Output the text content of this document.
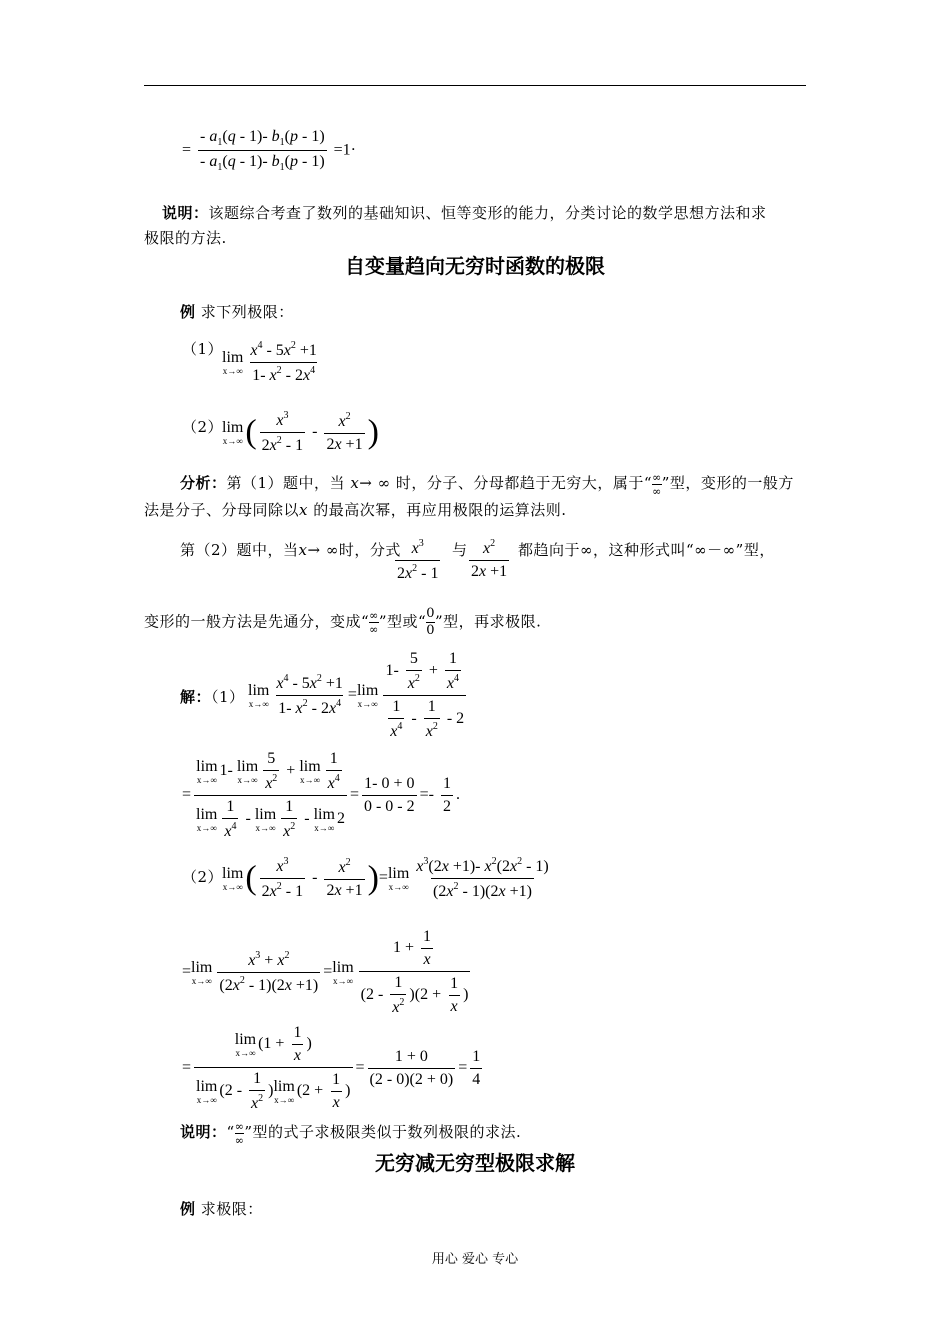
= $\frac{- a_1(q - 1)- b_1(p - 1)}{- a_1(q - 1)- b_1(p - 1)} =1\cdot$
说明：该题综合考查了数列的基础知识、恒等变形的能力，分类讨论的数学思想方法和求
极限的方法.
自变量趋向无穷时函数的极限
例 求下列极限：
（1）
lim
$x\to\infty \frac{x^4 - 5x^2 +1}{1- x^2 - 2x^4}$
（2）
lim
x→∞ ( $\frac{x^3}{2x^2 - 1} - \frac{x^2}{2x +1}$ )
分析：第（1）题中，当 x→ ∞ 时，分子、分母都趋于无穷大，属于“ $\frac{\infty}{\infty}$ ”型，变形的一般方
法是分子、分母同除以x 的最高次幂，再应用极限的运算法则.
第（2）题中，当x→ ∞时，分式
$\frac{x^3}{2x^2 - 1}$ 与 $\frac{x^2}{2x +1}$ 都趋向于∞，这种形式叫“∞－∞”型，
变形的一般方法是先通分，变成“ $\frac{\infty}{\infty}$ ”型或“ $\frac{0}{0}$ ”型，再求极限.
解：（1） lim
$x\to\infty \frac{x^4 - 5x^2 +1}{1- x^2 - 2x^4} = \lim$
$x\to\infty \frac{1- \frac{5}{x^2} + \frac{1}{x^4}}{\frac{1}{x^4} - \frac{1}{x^2} - 2}$
= lim
x→∞
1- lim
$x\to\infty \frac{5}{x^2} + \lim$
$x\to\infty \frac{1}{x^4}$
lim
$x\to\infty \frac{1}{x^4} - \lim$
$x\to\infty \frac{1}{x^2} - \lim$
x→∞
$2 = \frac{1- 0 + 0}{0 - 0 - 2} =- \frac{1}{2}$ .
（2）
lim
x→∞ ( $\frac{x^3}{2x^2 - 1} - \frac{x^2}{2x +1}$ )= lim
$x\to\infty \frac{x^3(2x +1)- x^2(2x^2 - 1)}{(2x^2 - 1)(2x +1)}$
= lim
$x\to\infty \frac{x^3 + x^2}{(2x^2 - 1)(2x +1)} = \lim$
$x\to\infty \frac{1 + \frac{1}{x}}{(2 - \frac{1}{x^2} )(2 + \frac{1}{x} )}$
= lim
x→∞
($1 + \frac{1}{x}$ )
lim
x→∞
($2 - \frac{1}{x^2}$ ) lim
x→∞
($2 + \frac{1}{x}$ ) = $\frac{1 + 0}{(2 - 0)(2 + 0)} = \frac{1}{4}$
说明：“ $\frac{\infty}{\infty}$ ”型的式子求极限类似于数列极限的求法.
无穷减无穷型极限求解
例 求极限：
用心 爱心 专心
